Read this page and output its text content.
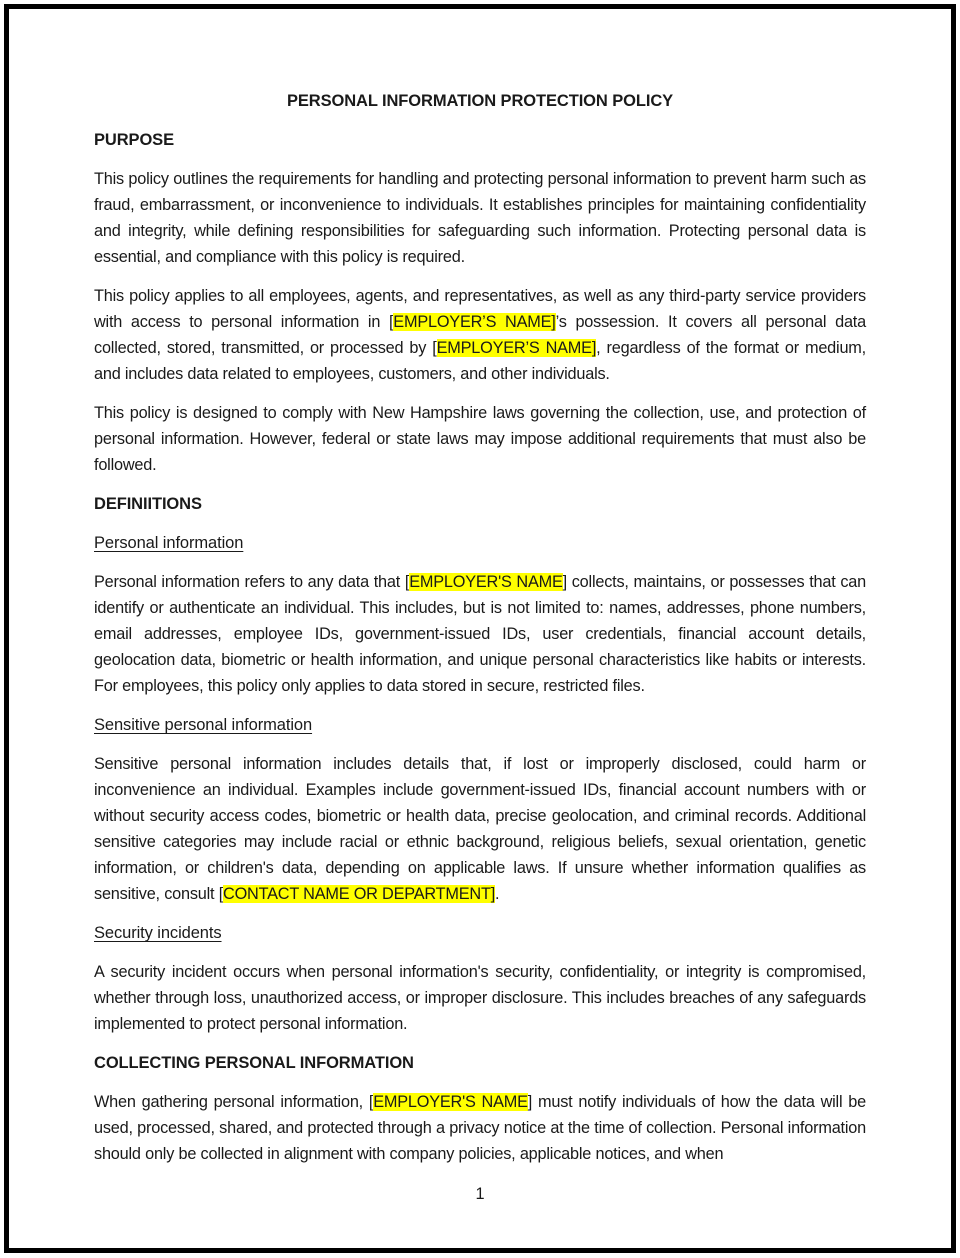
PERSONAL INFORMATION PROTECTION POLICY
PURPOSE

This policy outlines the requirements for handling and protecting personal information to prevent harm such as fraud, embarrassment, or inconvenience to individuals. It establishes principles for maintaining confidentiality and integrity, while defining responsibilities for safeguarding such information. Protecting personal data is essential, and compliance with this policy is required.

This policy applies to all employees, agents, and representatives, as well as any third-party service providers with access to personal information in [EMPLOYER’S NAME]’s possession. It covers all personal data collected, stored, transmitted, or processed by [EMPLOYER’S NAME], regardless of the format or medium, and includes data related to employees, customers, and other individuals.

This policy is designed to comply with New Hampshire laws governing the collection, use, and protection of personal information. However, federal or state laws may impose additional requirements that must also be followed.

DEFINIITIONS
Personal information

Personal information refers to any data that [EMPLOYER'S NAME] collects, maintains, or possesses that can identify or authenticate an individual. This includes, but is not limited to: names, addresses, phone numbers, email addresses, employee IDs, government-issued IDs, user credentials, financial account details, geolocation data, biometric or health information, and unique personal characteristics like habits or interests. For employees, this policy only applies to data stored in secure, restricted files.

Sensitive personal information

Sensitive personal information includes details that, if lost or improperly disclosed, could harm or inconvenience an individual. Examples include government-issued IDs, financial account numbers with or without security access codes, biometric or health data, precise geolocation, and criminal records. Additional sensitive categories may include racial or ethnic background, religious beliefs, sexual orientation, genetic information, or children's data, depending on applicable laws. If unsure whether information qualifies as sensitive, consult [CONTACT NAME OR DEPARTMENT].

Security incidents

A security incident occurs when personal information's security, confidentiality, or integrity is compromised, whether through loss, unauthorized access, or improper disclosure. This includes breaches of any safeguards implemented to protect personal information.

COLLECTING PERSONAL INFORMATION

When gathering personal information, [EMPLOYER'S NAME] must notify individuals of how the data will be used, processed, shared, and protected through a privacy notice at the time of collection. Personal information should only be collected in alignment with company policies, applicable notices, and when

1
